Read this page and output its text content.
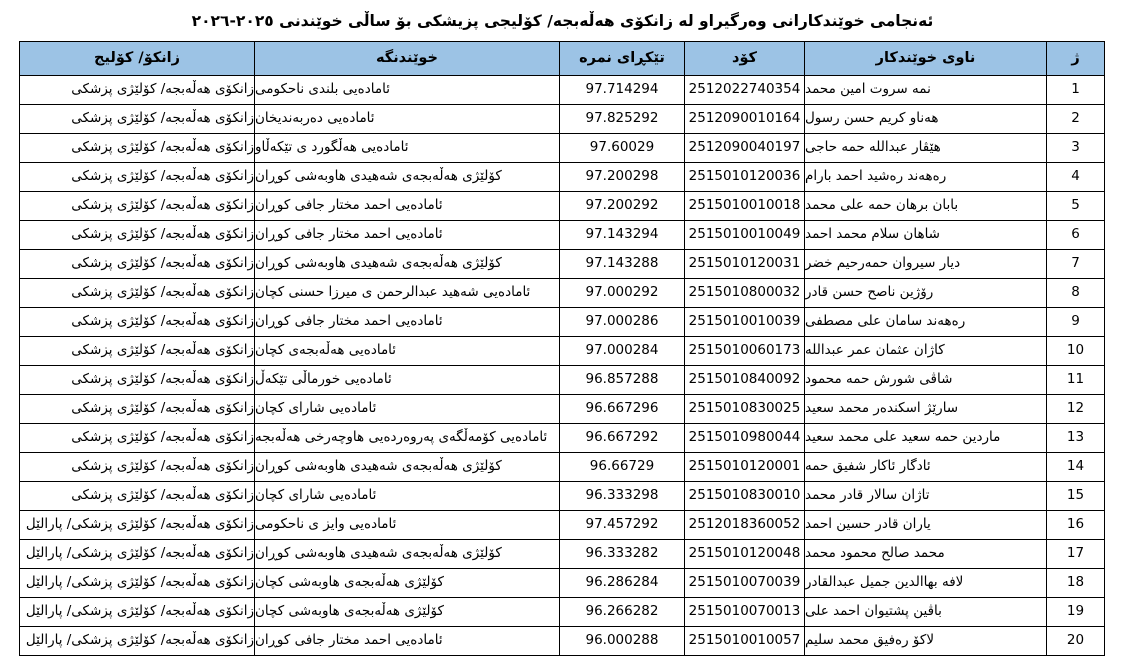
ئەنجامی خوێندکارانی وەرگیراو لە زانکۆی هەڵەبجە/ کۆلیجی پزیشکی بۆ ساڵی خوێندنی ٢٠٢٥-٢٠٢٦
ژ	ناوی خوێندکار	کۆد	تێکڕای نمره	خوێندنگە	زانکۆ/ کۆلیج
1	نمه سروت امین محمد	2512022740354	97.714294	ئامادەیی بلندی ناحکومی	زانکۆی هەڵەبجە/ کۆلێژی پزشکی
2	هەناو کریم حسن رسول	2512090010164	97.825292	ئامادەیی دەربەندیخان	زانکۆی هەڵەبجە/ کۆلێژی پزشکی
3	هێڤار عبدالله حمه حاجی	2512090040197	97.60029	ئامادەیی هەڵگورد ی تێکەڵاو	زانکۆی هەڵەبجە/ کۆلێژی پزشکی
4	رەهەند رەشید احمد بارام	2515010120036	97.200298	کۆلێژی هەڵەبجەی شەهیدی هاوبەشی کوڕان	زانکۆی هەڵەبجە/ کۆلێژی پزشکی
5	بابان برهان حمه علی محمد	2515010010018	97.200292	ئامادەیی احمد مختار جافی کوڕان	زانکۆی هەڵەبجە/ کۆلێژی پزشکی
6	شاهان سلام محمد احمد	2515010010049	97.143294	ئامادەیی احمد مختار جافی کوڕان	زانکۆی هەڵەبجە/ کۆلێژی پزشکی
7	دیار سیروان حمەرحیم خضر	2515010120031	97.143288	کۆلێژی هەڵەبجەی شەهیدی هاوبەشی کوڕان	زانکۆی هەڵەبجە/ کۆلێژی پزشکی
8	رۆژین ناصح حسن قادر	2515010800032	97.000292	ئامادەیی شەهید عبدالرحمن ی میرزا حسنی کچان	زانکۆی هەڵەبجە/ کۆلێژی پزشکی
9	رەهەند سامان علی مصطفی	2515010010039	97.000286	ئامادەیی احمد مختار جافی کوڕان	زانکۆی هەڵەبجە/ کۆلێژی پزشکی
10	کاژان عثمان عمر عبدالله	2515010060173	97.000284	ئامادەیی هەڵەبجەی کچان	زانکۆی هەڵەبجە/ کۆلێژی پزشکی
11	شاڤی شورش حمه محمود	2515010840092	96.857288	ئامادەیی خورماڵی تێکەڵ	زانکۆی هەڵەبجە/ کۆلێژی پزشکی
12	سارێژ اسکندەر محمد سعید	2515010830025	96.667296	ئامادەیی شارای کچان	زانکۆی هەڵەبجە/ کۆلێژی پزشکی
13	ماردین حمه سعید علی محمد سعید	2515010980044	96.667292	ئامادەیی کۆمەڵگەی پەروەردەیی هاوچەرخی هەڵەبجە	زانکۆی هەڵەبجە/ کۆلێژی پزشکی
14	ئادگار ئاکار شفیق حمه	2515010120001	96.66729	کۆلێژی هەڵەبجەی شەهیدی هاوبەشی کوڕان	زانکۆی هەڵەبجە/ کۆلێژی پزشکی
15	تاژان سالار قادر محمد	2515010830010	96.333298	ئامادەیی شارای کچان	زانکۆی هەڵەبجە/ کۆلێژی پزشکی
16	یاران قادر حسین احمد	2512018360052	97.457292	ئامادەیی وایز ی ناحکومی	زانکۆی هەڵەبجە/ کۆلێژی پزشکی/ پارالێل
17	محمد صالح محمود محمد	2515010120048	96.333282	کۆلێژی هەڵەبجەی شەهیدی هاوبەشی کوڕان	زانکۆی هەڵەبجە/ کۆلێژی پزشکی/ پارالێل
18	لافه بهاالدین جمیل عبدالقادر	2515010070039	96.286284	کۆلێژی هەڵەبجەی هاوبەشی کچان	زانکۆی هەڵەبجە/ کۆلێژی پزشکی/ پارالێل
19	باڤین پشتیوان احمد علی	2515010070013	96.266282	کۆلێژی هەڵەبجەی هاوبەشی کچان	زانکۆی هەڵەبجە/ کۆلێژی پزشکی/ پارالێل
20	لاکۆ رەفیق محمد سلیم	2515010010057	96.000288	ئامادەیی احمد مختار جافی کوڕان	زانکۆی هەڵەبجە/ کۆلێژی پزشکی/ پارالێل
